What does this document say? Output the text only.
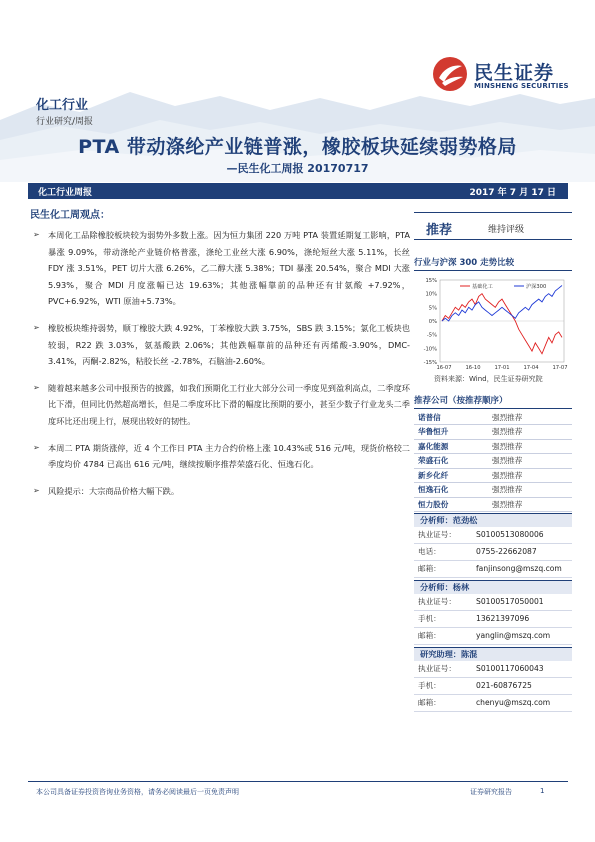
民生证券
MINSHENG SECURITIES
化工行业
行业研究/周报
PTA 带动涤纶产业链普涨，橡胶板块延续弱势格局
—民生化工周报 20170717
化工行业周报	2017 年 7 月 17 日
民生化工周观点：
➢ 本周化工品除橡胶板块较为弱势外多数上涨。因为恒力集团 220 万吨 PTA 装置延期复工影响，PTA 暴涨 9.09%，带动涤纶产业链价格普涨，涤纶工业丝大涨 6.90%，涤纶短丝大涨 5.11%，长丝 FDY 涨 3.51%，PET 切片大涨 6.26%，乙二醇大涨 5.38%；TDI 暴涨 20.54%，聚合 MDI 大涨 5.93%，聚合 MDI 月度涨幅已达 19.63%；其他涨幅靠前的品种还有甘氨酸 +7.92%，PVC+6.92%，WTI 原油+5.73%。
➢ 橡胶板块维持弱势，顺丁橡胶大跌 4.92%，丁苯橡胶大跌 3.75%，SBS 跌 3.15%；氯化工板块也较弱，R22 跌 3.03%，氨基酸跌 2.06%；其他跌幅靠前的品种还有丙烯酸-3.90%，DMC-3.41%，丙酮-2.82%，粘胶长丝 -2.78%，石脑油-2.60%。
➢ 随着越来越多公司中报预告的披露，如我们预期化工行业大部分公司一季度见到盈利高点，二季度环比下滑，但同比仍然超高增长，但是二季度环比下滑的幅度比预期的要小，甚至少数子行业龙头二季度环比还出现上行，展现出较好的韧性。
➢ 本周二 PTA 期货涨停，近 4 个工作日 PTA 主力合约价格上涨 10.43%或 516 元/吨，现货价格较二季度均价 4784 已高出 616 元/吨，继续按顺序推荐荣盛石化、恒逸石化。
➢ 风险提示：大宗商品价格大幅下跌。
推荐	维持评级
行业与沪深 300 走势比较
15%
10%
5%
0%
-5%
-10%
-15%
16-07	16-10	17-01	17-04	17-07
基础化工	沪深300
资料来源：Wind，民生证券研究院
推荐公司（按推荐顺序）
诺普信	强烈推荐
华鲁恒升	强烈推荐
嘉化能源	强烈推荐
荣盛石化	强烈推荐
新乡化纤	强烈推荐
恒逸石化	强烈推荐
恒力股份	强烈推荐
分析师：范劲松
执业证号：	S0100513080006
电话：	0755-22662087
邮箱：	fanjinsong@mszq.com
分析师：杨林
执业证号：	S0100517050001
手机：	13621397096
邮箱：	yanglin@mszq.com
研究助理：陈混
执业证号：	S0100117060043
手机：	021-60876725
邮箱：	chenyu@mszq.com
本公司具备证券投资咨询业务资格，请务必阅读最后一页免责声明	证券研究报告	1
